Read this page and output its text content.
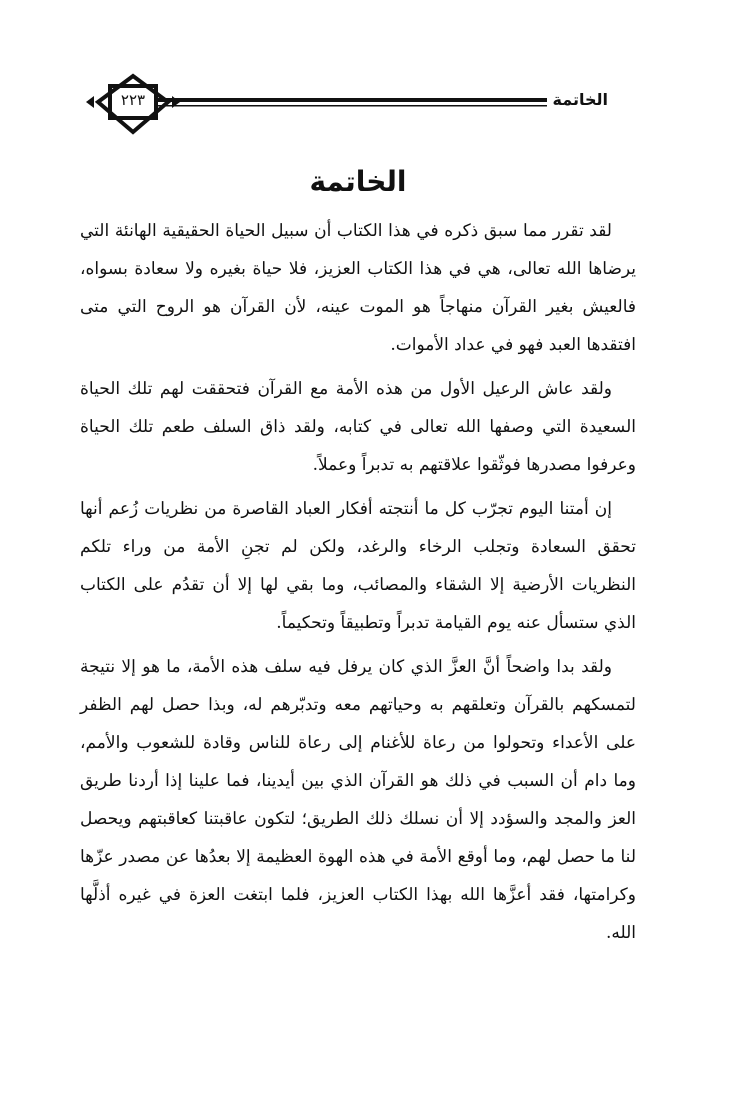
الخاتمة
٢٢٣
الخاتمة

لقد تقرر مما سبق ذكره في هذا الكتاب أن سبيل الحياة الحقيقية الهانئة التي يرضاها الله تعالى، هي في هذا الكتاب العزيز، فلا حياة بغيره ولا سعادة بسواه، فالعيش بغير القرآن منهاجاً هو الموت عينه، لأن القرآن هو الروح التي متى افتقدها العبد فهو في عداد الأموات.

ولقد عاش الرعيل الأول من هذه الأمة مع القرآن فتحققت لهم تلك الحياة السعيدة التي وصفها الله تعالى في كتابه، ولقد ذاق السلف طعم تلك الحياة وعرفوا مصدرها فوثّقوا علاقتهم به تدبراً وعملاً.

إن أمتنا اليوم تجرّب كل ما أنتجته أفكار العباد القاصرة من نظريات زُعم أنها تحقق السعادة وتجلب الرخاء والرغد، ولكن لم تجنِ الأمة من وراء تلكم النظريات الأرضية إلا الشقاء والمصائب، وما بقي لها إلا أن تقدُم على الكتاب الذي ستسأل عنه يوم القيامة تدبراً وتطبيقاً وتحكيماً.

ولقد بدا واضحاً أنَّ العزَّ الذي كان يرفل فيه سلف هذه الأمة، ما هو إلا نتيجة لتمسكهم بالقرآن وتعلقهم به وحياتهم معه وتدبّرهم له، وبذا حصل لهم الظفر على الأعداء وتحولوا من رعاة للأغنام إلى رعاة للناس وقادة للشعوب والأمم، وما دام أن السبب في ذلك هو القرآن الذي بين أيدينا، فما علينا إذا أردنا طريق العز والمجد والسؤدد إلا أن نسلك ذلك الطريق؛ لتكون عاقبتنا كعاقبتهم ويحصل لنا ما حصل لهم، وما أوقع الأمة في هذه الهوة العظيمة إلا بعدُها عن مصدر عزّها وكرامتها، فقد أعزَّها الله بهذا الكتاب العزيز، فلما ابتغت العزة في غيره أذلَّها الله.
